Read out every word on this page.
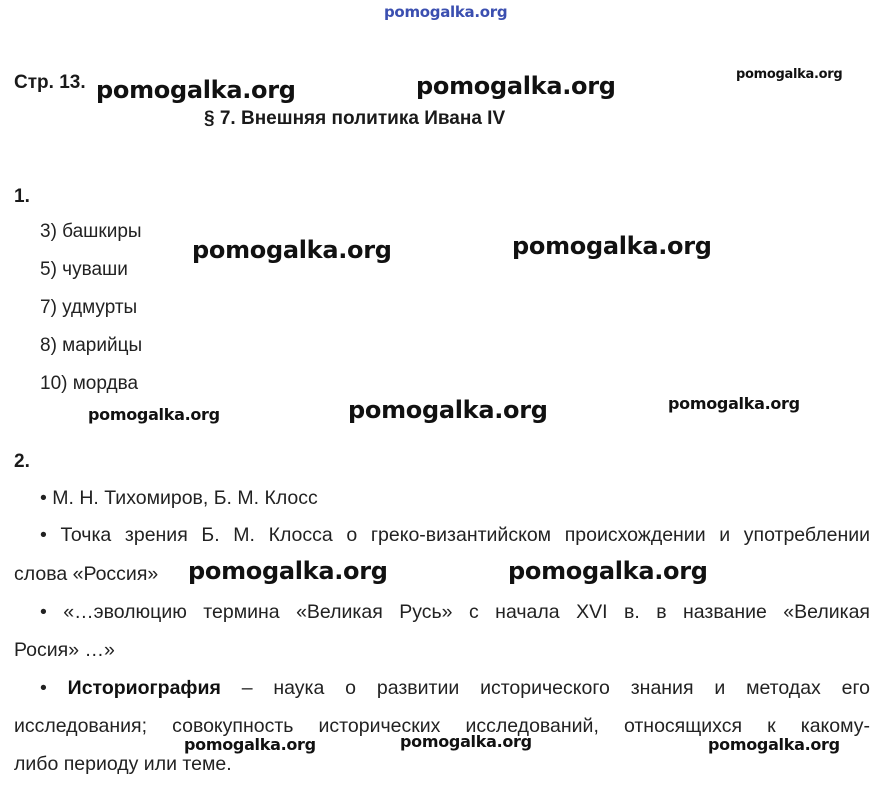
pomogalka.org
Стр. 13. pomogalka.org	pomogalka.org	pomogalka.org
§ 7. Внешняя политика Ивана IV
1.
3) башкиры
5) чуваши
7) удмурты
8) марийцы
10) мордва
pomogalka.org	pomogalka.org
pomogalka.org	pomogalka.org	pomogalka.org
2.
• М. Н. Тихомиров, Б. М. Клосс
• Точка зрения Б. М. Клосса о греко-византийском происхождении и употреблении
слова «Россия» pomogalka.org	pomogalka.org
• «…эволюцию термина «Великая Русь» с начала XVI в. в название «Великая
Росия» …»
• Историография – наука о развитии исторического знания и методах его
исследования; совокупность исторических исследований, относящихся к какому-
либо периоду или теме.
pomogalka.org	pomogalka.org	pomogalka.org
